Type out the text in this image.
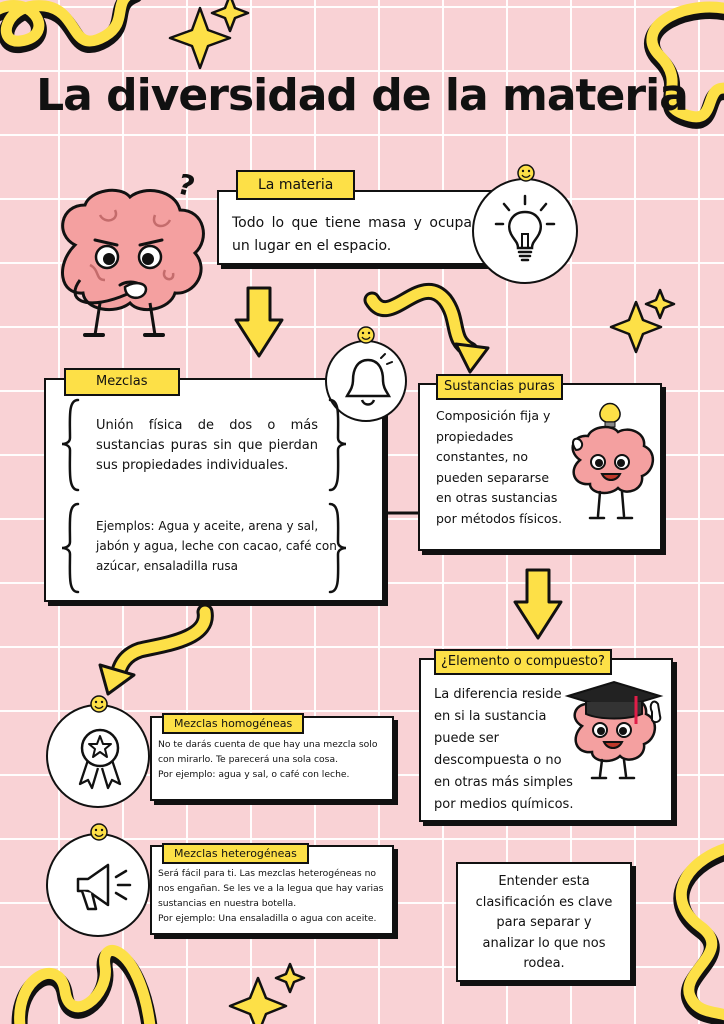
?
La diversidad de la materia
La materia
Todo lo que tiene masa y ocupa un lugar en el espacio.
Mezclas
Unión física de dos o más sustancias puras sin que pierdan sus propiedades individuales.
Ejemplos: Agua y aceite, arena y sal, jabón y agua, leche con cacao, café con azúcar, ensaladilla rusa
Sustancias puras
Composición fija y propiedades constantes, no pueden separarse en otras sustancias por métodos físicos.
¿Elemento o compuesto?
La diferencia reside en si la sustancia puede ser descompuesta o no en otras más simples por medios químicos.
Mezclas homogéneas
No te darás cuenta de que hay una mezcla solo con mirarlo. Te parecerá una sola cosa.
Por ejemplo: agua y sal, o café con leche.
Mezclas heterogéneas
Será fácil para ti. Las mezclas heterogéneas no nos engañan. Se les ve a la legua que hay varias sustancias en nuestra botella.
Por ejemplo: Una ensaladilla o agua con aceite.
Entender esta clasificación es clave para separar y analizar lo que nos rodea.
